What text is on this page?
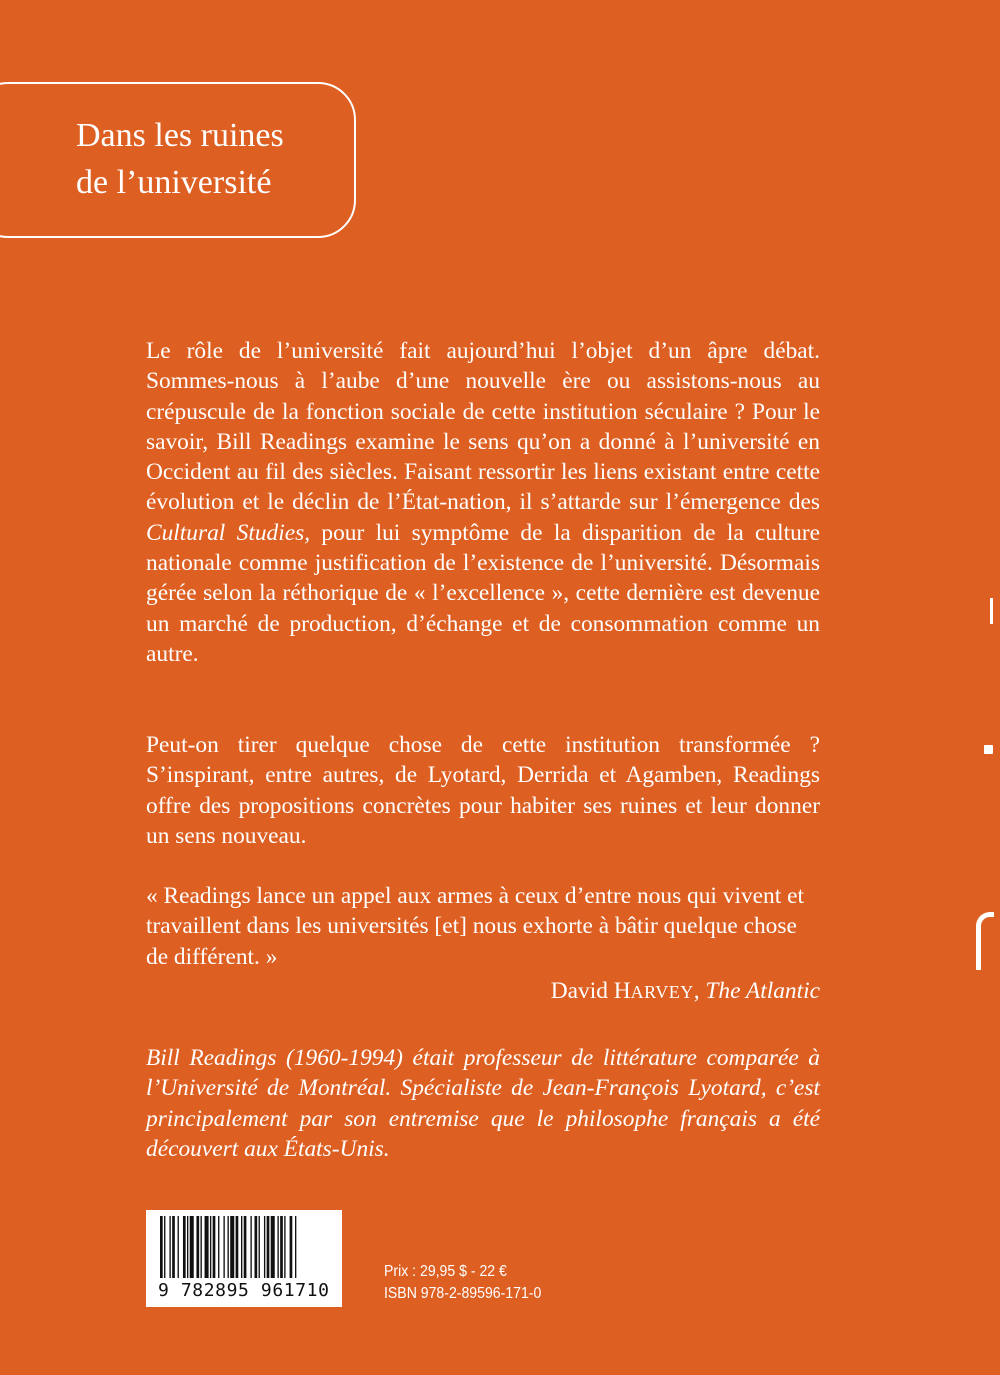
Dans les ruines
de l’université

Le rôle de l’université fait aujourd’hui l’objet d’un âpre débat. Sommes-nous à l’aube d’une nouvelle ère ou assistons-nous au crépuscule de la fonction sociale de cette institution séculaire ? Pour le savoir, Bill Readings examine le sens qu’on a donné à l’université en Occident au fil des siècles. Faisant ressortir les liens existant entre cette évolution et le déclin de l’État-nation, il s’attarde sur l’émergence des Cultural Studies, pour lui symptôme de la disparition de la culture nationale comme justification de l’existence de l’université. Désormais gérée selon la réthorique de « l’excellence », cette dernière est devenue un marché de production, d’échange et de consommation comme un autre.

Peut-on tirer quelque chose de cette institution transformée ? S’inspirant, entre autres, de Lyotard, Derrida et Agamben, Readings offre des propositions concrètes pour habiter ses ruines et leur donner un sens nouveau.

« Readings lance un appel aux armes à ceux d’entre nous qui vivent et travaillent dans les universités [et] nous exhorte à bâtir quelque chose de différent. »

David HARVEY, The Atlantic

Bill Readings (1960-1994) était professeur de littérature comparée à l’Université de Montréal. Spécialiste de Jean-François Lyotard, c’est principalement par son entremise que le philosophe français a été découvert aux États-Unis.

9 782895 961710
Prix : 29,95 $ - 22 €
ISBN 978-2-89596-171-0
